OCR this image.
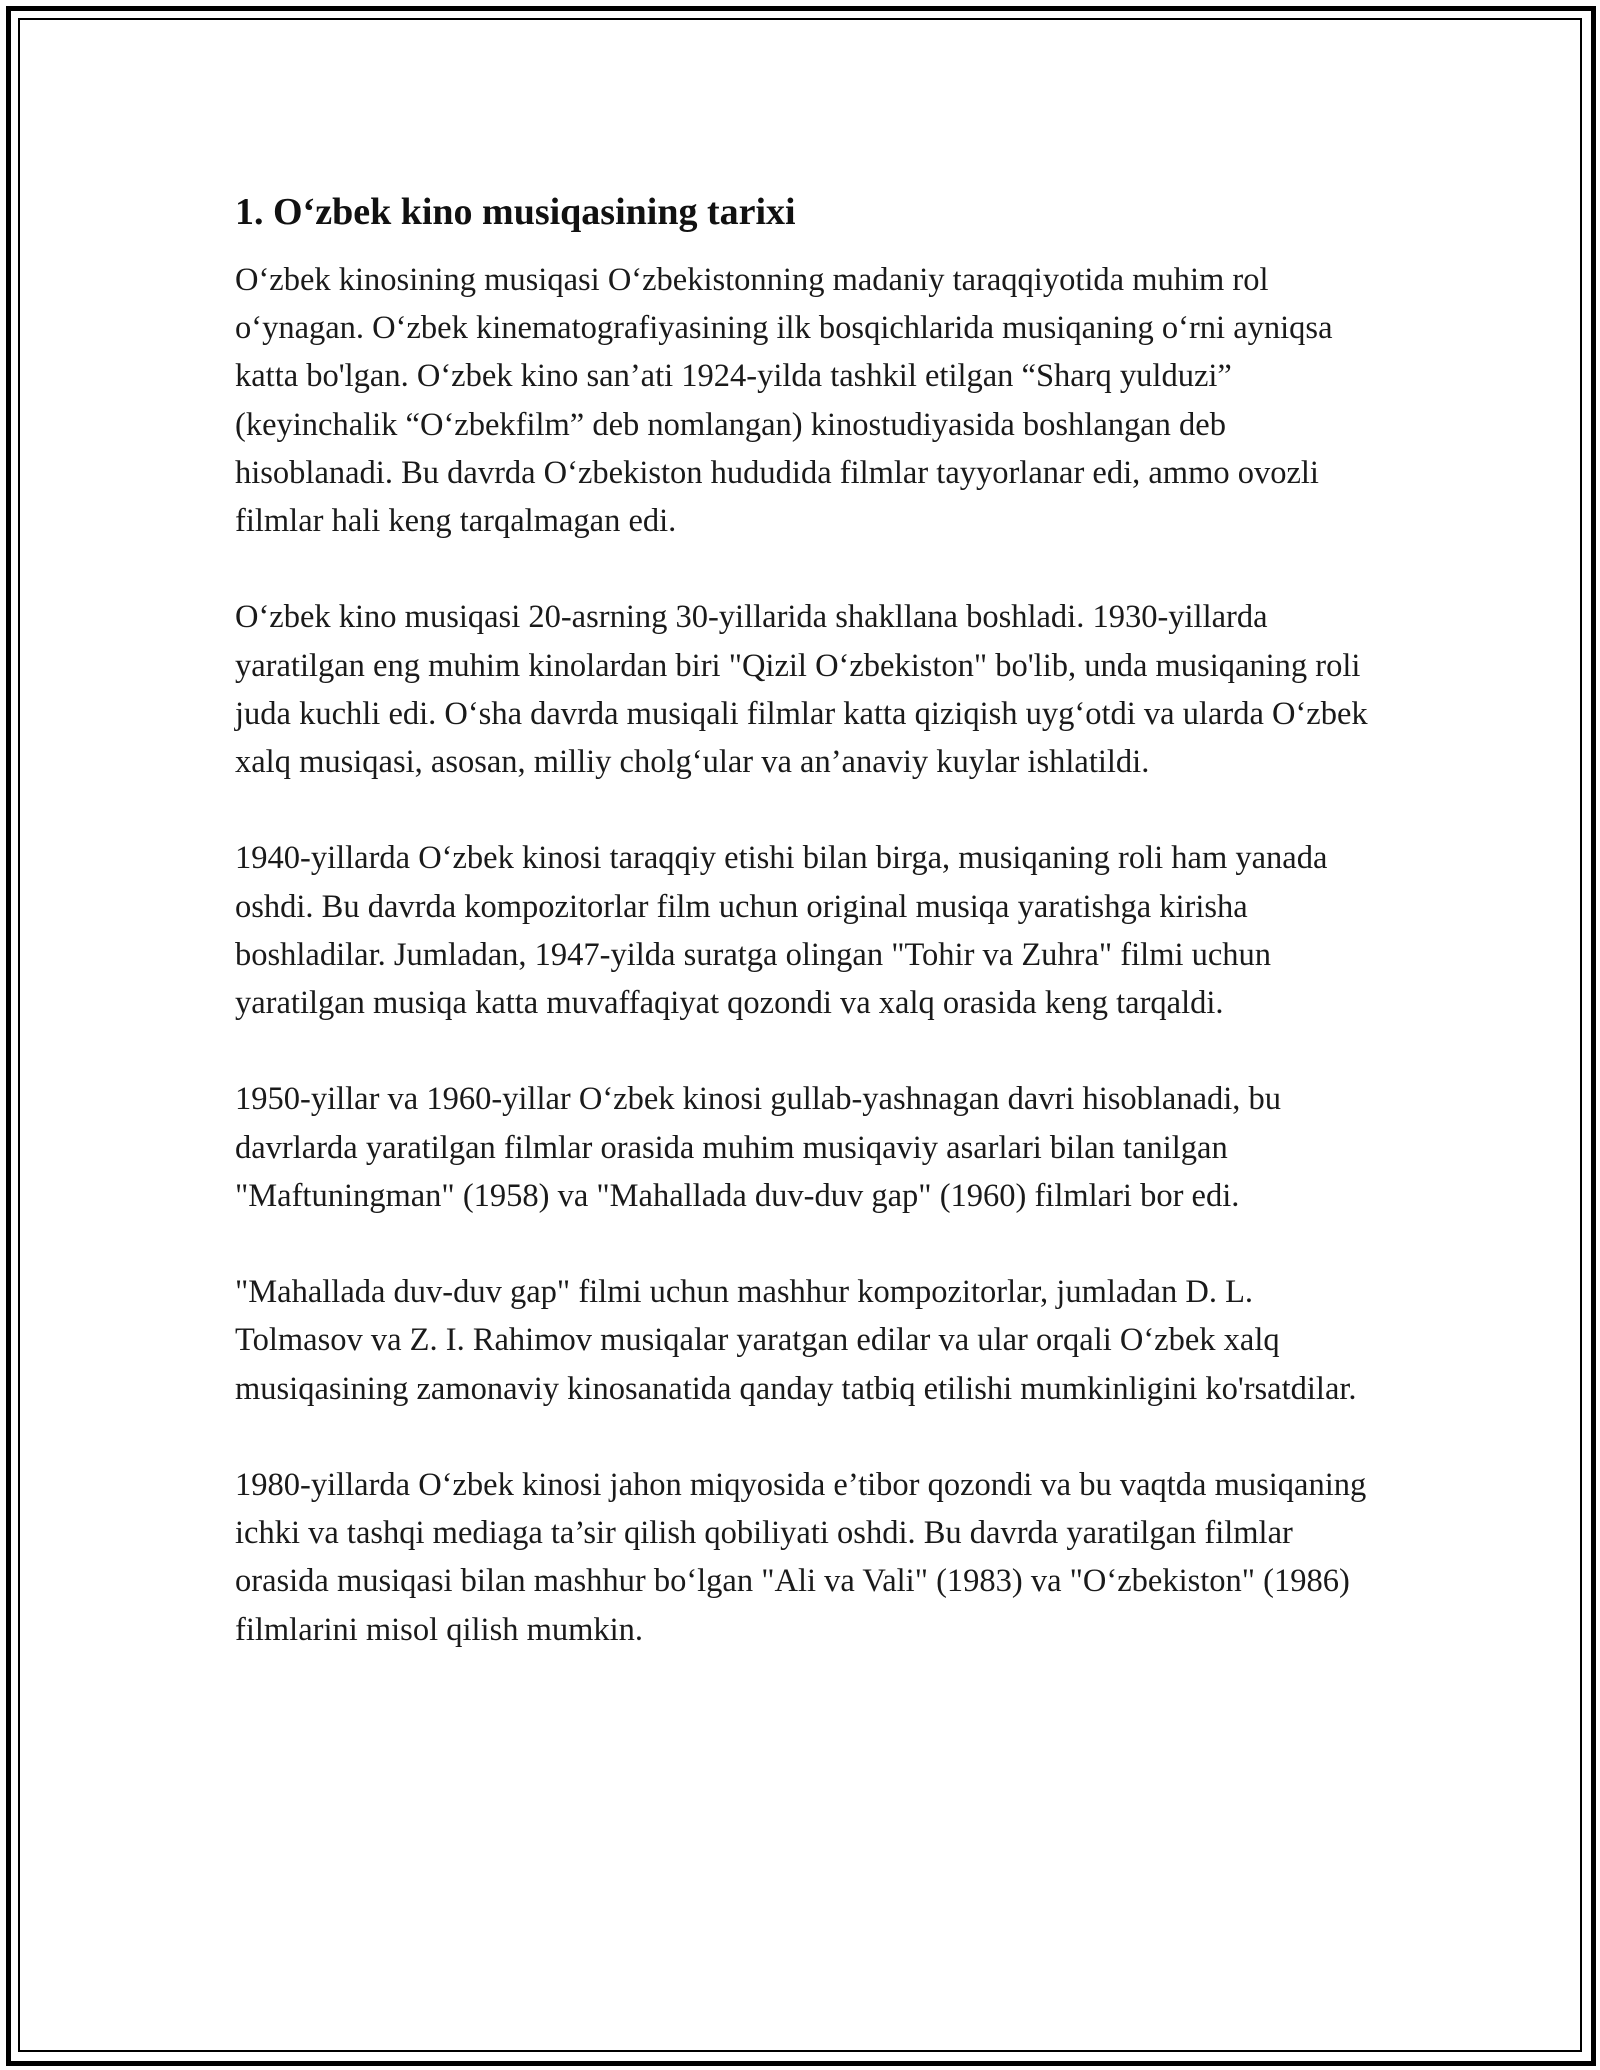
1. Oʻzbek kino musiqasining tarixi

Oʻzbek kinosining musiqasi Oʻzbekistonning madaniy taraqqiyotida muhim rol oʻynagan. Oʻzbek kinematografiyasining ilk bosqichlarida musiqaning oʻrni ayniqsa katta bo'lgan. Oʻzbek kino san’ati 1924-yilda tashkil etilgan “Sharq yulduzi” (keyinchalik “Oʻzbekfilm” deb nomlangan) kinostudiyasida boshlangan deb hisoblanadi. Bu davrda Oʻzbekiston hududida filmlar tayyorlanar edi, ammo ovozli filmlar hali keng tarqalmagan edi.

Oʻzbek kino musiqasi 20-asrning 30-yillarida shakllana boshladi. 1930-yillarda yaratilgan eng muhim kinolardan biri "Qizil Oʻzbekiston" bo'lib, unda musiqaning roli juda kuchli edi. Oʻsha davrda musiqali filmlar katta qiziqish uygʻotdi va ularda Oʻzbek xalq musiqasi, asosan, milliy cholgʻular va an’anaviy kuylar ishlatildi.

1940-yillarda Oʻzbek kinosi taraqqiy etishi bilan birga, musiqaning roli ham yanada oshdi. Bu davrda kompozitorlar film uchun original musiqa yaratishga kirisha boshladilar. Jumladan, 1947-yilda suratga olingan "Tohir va Zuhra" filmi uchun yaratilgan musiqa katta muvaffaqiyat qozondi va xalq orasida keng tarqaldi.

1950-yillar va 1960-yillar Oʻzbek kinosi gullab-yashnagan davri hisoblanadi, bu davrlarda yaratilgan filmlar orasida muhim musiqaviy asarlari bilan tanilgan "Maftuningman" (1958) va "Mahallada duv-duv gap" (1960) filmlari bor edi.

"Mahallada duv-duv gap" filmi uchun mashhur kompozitorlar, jumladan D. L. Tolmasov va Z. I. Rahimov musiqalar yaratgan edilar va ular orqali Oʻzbek xalq musiqasining zamonaviy kinosanatida qanday tatbiq etilishi mumkinligini ko'rsatdilar.

1980-yillarda Oʻzbek kinosi jahon miqyosida e’tibor qozondi va bu vaqtda musiqaning ichki va tashqi mediaga ta’sir qilish qobiliyati oshdi. Bu davrda yaratilgan filmlar orasida musiqasi bilan mashhur boʻlgan "Ali va Vali" (1983) va "Oʻzbekiston" (1986) filmlarini misol qilish mumkin.
